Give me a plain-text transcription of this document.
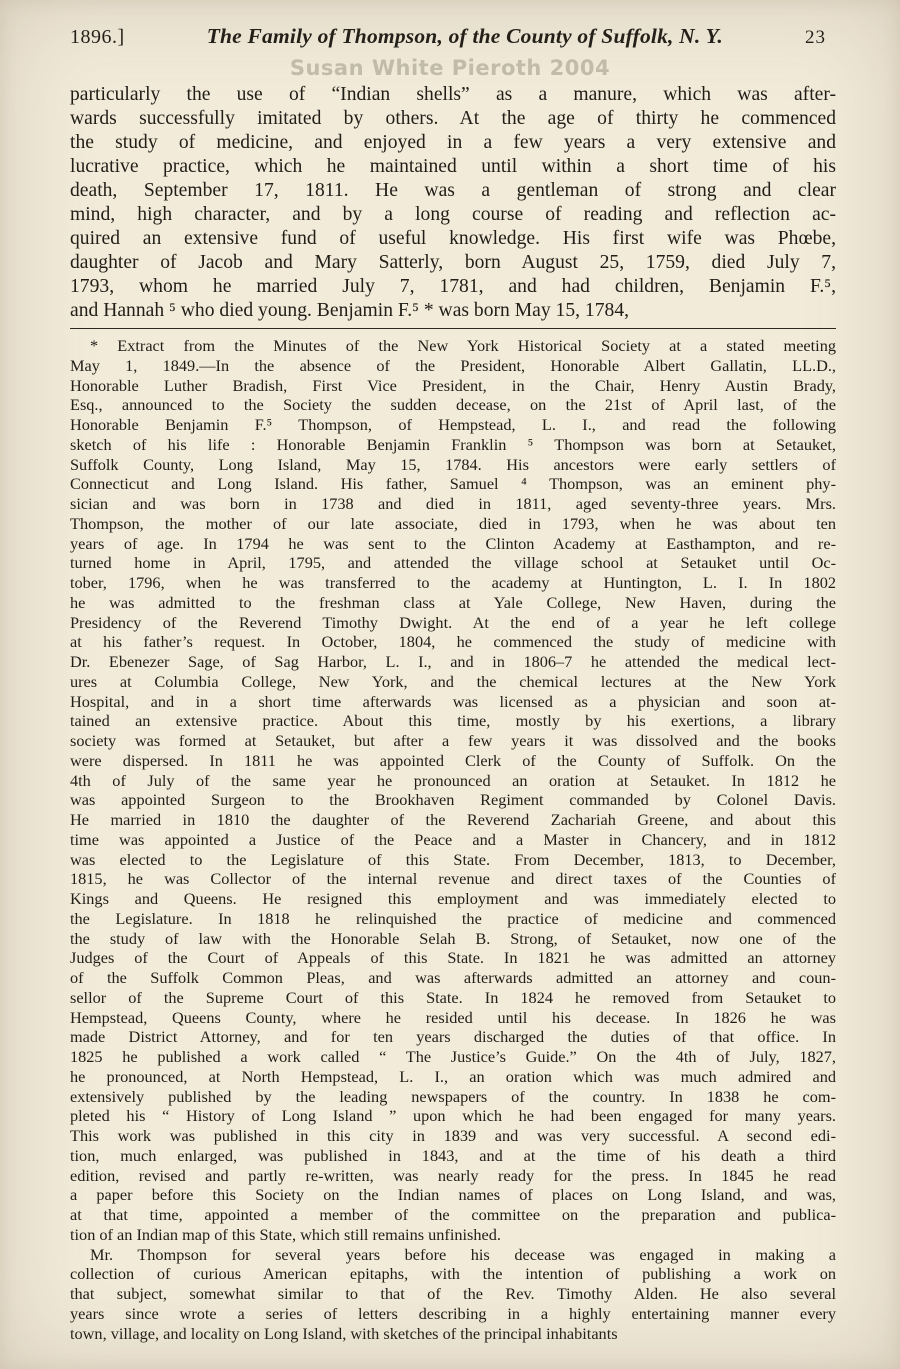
Susan White Pieroth 2004
1896.]	The Family of Thompson, of the County of Suffolk, N. Y.	23
particularly the use of “Indian shells” as a manure, which was after-
wards successfully imitated by others. At the age of thirty he commenced
the study of medicine, and enjoyed in a few years a very extensive and
lucrative practice, which he maintained until within a short time of his
death, September 17, 1811. He was a gentleman of strong and clear
mind, high character, and by a long course of reading and reflection ac-
quired an extensive fund of useful knowledge. His first wife was Phœbe,
daughter of Jacob and Mary Satterly, born August 25, 1759, died July 7,
1793, whom he married July 7, 1781, and had children, Benjamin F.⁵,
and Hannah ⁵ who died young. Benjamin F.⁵ * was born May 15, 1784,
* Extract from the Minutes of the New York Historical Society at a stated meeting
May 1, 1849.—In the absence of the President, Honorable Albert Gallatin, LL.D.,
Honorable Luther Bradish, First Vice President, in the Chair, Henry Austin Brady,
Esq., announced to the Society the sudden decease, on the 21st of April last, of the
Honorable Benjamin F.⁵ Thompson, of Hempstead, L. I., and read the following
sketch of his life : Honorable Benjamin Franklin ⁵ Thompson was born at Setauket,
Suffolk County, Long Island, May 15, 1784. His ancestors were early settlers of
Connecticut and Long Island. His father, Samuel ⁴ Thompson, was an eminent phy-
sician and was born in 1738 and died in 1811, aged seventy-three years. Mrs.
Thompson, the mother of our late associate, died in 1793, when he was about ten
years of age. In 1794 he was sent to the Clinton Academy at Easthampton, and re-
turned home in April, 1795, and attended the village school at Setauket until Oc-
tober, 1796, when he was transferred to the academy at Huntington, L. I. In 1802
he was admitted to the freshman class at Yale College, New Haven, during the
Presidency of the Reverend Timothy Dwight. At the end of a year he left college
at his father’s request. In October, 1804, he commenced the study of medicine with
Dr. Ebenezer Sage, of Sag Harbor, L. I., and in 1806–7 he attended the medical lect-
ures at Columbia College, New York, and the chemical lectures at the New York
Hospital, and in a short time afterwards was licensed as a physician and soon at-
tained an extensive practice. About this time, mostly by his exertions, a library
society was formed at Setauket, but after a few years it was dissolved and the books
were dispersed. In 1811 he was appointed Clerk of the County of Suffolk. On the
4th of July of the same year he pronounced an oration at Setauket. In 1812 he
was appointed Surgeon to the Brookhaven Regiment commanded by Colonel Davis.
He married in 1810 the daughter of the Reverend Zachariah Greene, and about this
time was appointed a Justice of the Peace and a Master in Chancery, and in 1812
was elected to the Legislature of this State. From December, 1813, to December,
1815, he was Collector of the internal revenue and direct taxes of the Counties of
Kings and Queens. He resigned this employment and was immediately elected to
the Legislature. In 1818 he relinquished the practice of medicine and commenced
the study of law with the Honorable Selah B. Strong, of Setauket, now one of the
Judges of the Court of Appeals of this State. In 1821 he was admitted an attorney
of the Suffolk Common Pleas, and was afterwards admitted an attorney and coun-
sellor of the Supreme Court of this State. In 1824 he removed from Setauket to
Hempstead, Queens County, where he resided until his decease. In 1826 he was
made District Attorney, and for ten years discharged the duties of that office. In
1825 he published a work called “ The Justice’s Guide.” On the 4th of July, 1827,
he pronounced, at North Hempstead, L. I., an oration which was much admired and
extensively published by the leading newspapers of the country. In 1838 he com-
pleted his “ History of Long Island ” upon which he had been engaged for many years.
This work was published in this city in 1839 and was very successful. A second edi-
tion, much enlarged, was published in 1843, and at the time of his death a third
edition, revised and partly re-written, was nearly ready for the press. In 1845 he read
a paper before this Society on the Indian names of places on Long Island, and was,
at that time, appointed a member of the committee on the preparation and publica-
tion of an Indian map of this State, which still remains unfinished.
Mr. Thompson for several years before his decease was engaged in making a
collection of curious American epitaphs, with the intention of publishing a work on
that subject, somewhat similar to that of the Rev. Timothy Alden. He also several
years since wrote a series of letters describing in a highly entertaining manner every
town, village, and locality on Long Island, with sketches of the principal inhabitants
